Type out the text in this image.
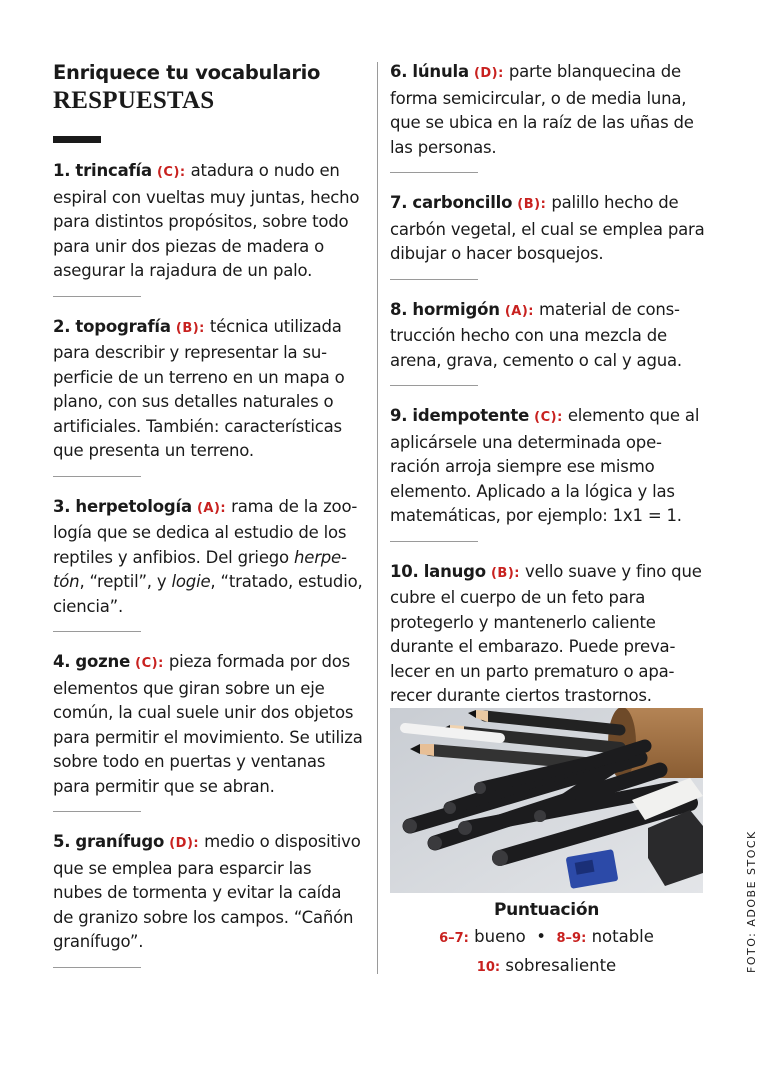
Enriquece tu vocabulario
RESPUESTAS

1. trincafía (C): atadura o nudo en espiral con vueltas muy juntas, hecho para distintos propósitos, sobre todo para unir dos piezas de madera o asegurar la rajadura de un palo.

2. topografía (B): técnica utilizada para describir y representar la superficie de un terreno en un mapa o plano, con sus detalles naturales o artificiales. También: características que presenta un terreno.

3. herpetología (A): rama de la zoología que se dedica al estudio de los reptiles y anfibios. Del griego herpetón, “reptil”, y logie, “tratado, estudio, ciencia”.

4. gozne (C): pieza formada por dos elementos que giran sobre un eje común, la cual suele unir dos objetos para permitir el movimiento. Se utiliza sobre todo en puertas y ventanas para permitir que se abran.

5. granífugo (D): medio o dispositivo que se emplea para esparcir las nubes de tormenta y evitar la caída de granizo sobre los campos. “Cañón granífugo”.

6. lúnula (D): parte blanquecina de forma semicircular, o de media luna, que se ubica en la raíz de las uñas de las personas.

7. carboncillo (B): palillo hecho de carbón vegetal, el cual se emplea para dibujar o hacer bosquejos.

8. hormigón (A): material de construcción hecho con una mezcla de arena, grava, cemento o cal y agua.

9. idempotente (C): elemento que al aplicársele una determinada operación arroja siempre ese mismo elemento. Aplicado a la lógica y las matemáticas, por ejemplo: 1x1 = 1.

10. lanugo (B): vello suave y fino que cubre el cuerpo de un feto para protegerlo y mantenerlo caliente durante el embarazo. Puede prevalecer en un parto prematuro o aparecer durante ciertos trastornos.

Puntuación

6–7: bueno • 8–9: notable

10: sobresaliente	FOTO: ADOBE STOCK
